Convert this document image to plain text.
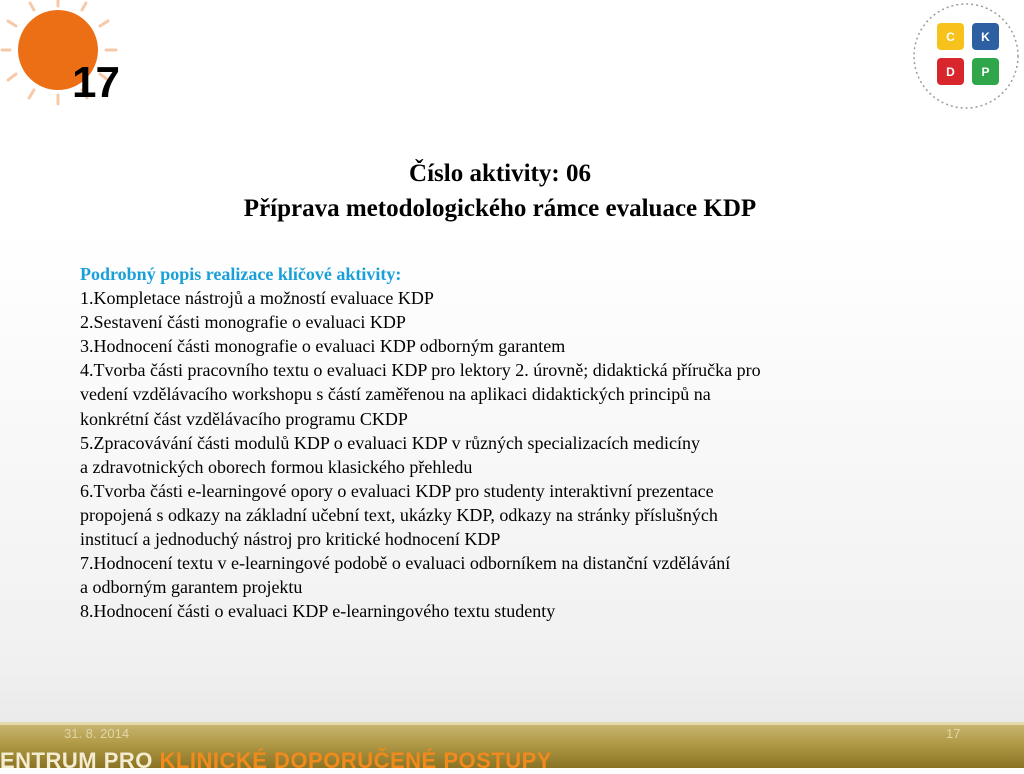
17
C K
D P
Číslo aktivity: 06
Příprava metodologického rámce evaluace KDP
Podrobný popis realizace klíčové aktivity:
1.Kompletace nástrojů a možností evaluace KDP
2.Sestavení části monografie o evaluaci KDP
3.Hodnocení části monografie o evaluaci KDP odborným garantem
4.Tvorba části pracovního textu o evaluaci KDP pro lektory 2. úrovně; didaktická příručka pro
vedení vzdělávacího workshopu s částí zaměřenou na aplikaci didaktických principů na
konkrétní část vzdělávacího programu CKDP
5.Zpracovávání části modulů KDP o evaluaci KDP v různých specializacích medicíny
a zdravotnických oborech formou klasického přehledu
6.Tvorba části e-learningové opory o evaluaci KDP pro studenty interaktivní prezentace
propojená s odkazy na základní učební text, ukázky KDP, odkazy na stránky příslušných
institucí a jednoduchý nástroj pro kritické hodnocení KDP
7.Hodnocení textu v e-learningové podobě o evaluaci odborníkem na distanční vzdělávání
a odborným garantem projektu
8.Hodnocení části o evaluaci KDP e-learningového textu studenty
31. 8. 2014	17
ENTRUM PRO KLINICKÉ DOPORUČENÉ POSTUPY
